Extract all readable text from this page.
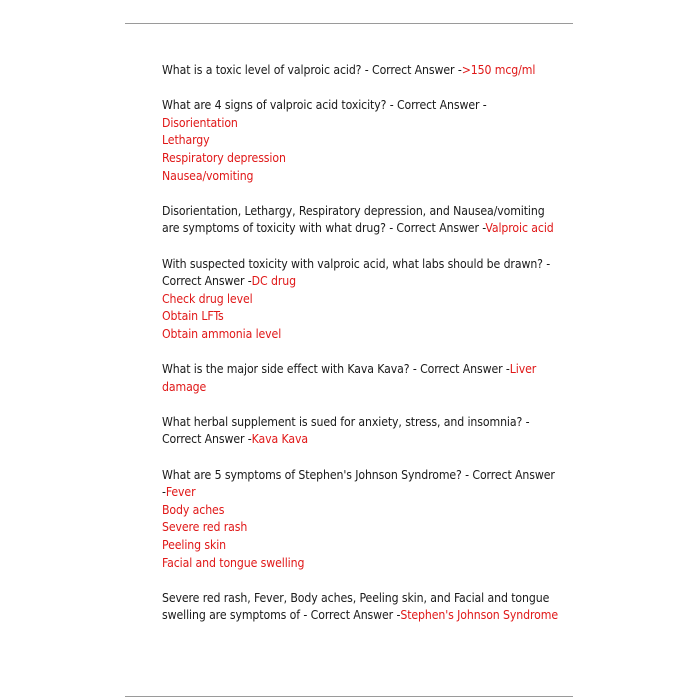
What is a toxic level of valproic acid? - Correct Answer ->150 mcg/ml
What are 4 signs of valproic acid toxicity? - Correct Answer -Disorientation
Lethargy
Respiratory depression
Nausea/vomiting
Disorientation, Lethargy, Respiratory depression, and Nausea/vomiting are symptoms of toxicity with what drug? - Correct Answer -Valproic acid
With suspected toxicity with valproic acid, what labs should be drawn? - Correct Answer -DC drug
Check drug level
Obtain LFTs
Obtain ammonia level
What is the major side effect with Kava Kava? - Correct Answer -Liver damage
What herbal supplement is sued for anxiety, stress, and insomnia? - Correct Answer -Kava Kava
What are 5 symptoms of Stephen's Johnson Syndrome? - Correct Answer -Fever
Body aches
Severe red rash
Peeling skin
Facial and tongue swelling
Severe red rash, Fever, Body aches, Peeling skin, and Facial and tongue swelling are symptoms of - Correct Answer -Stephen's Johnson Syndrome
